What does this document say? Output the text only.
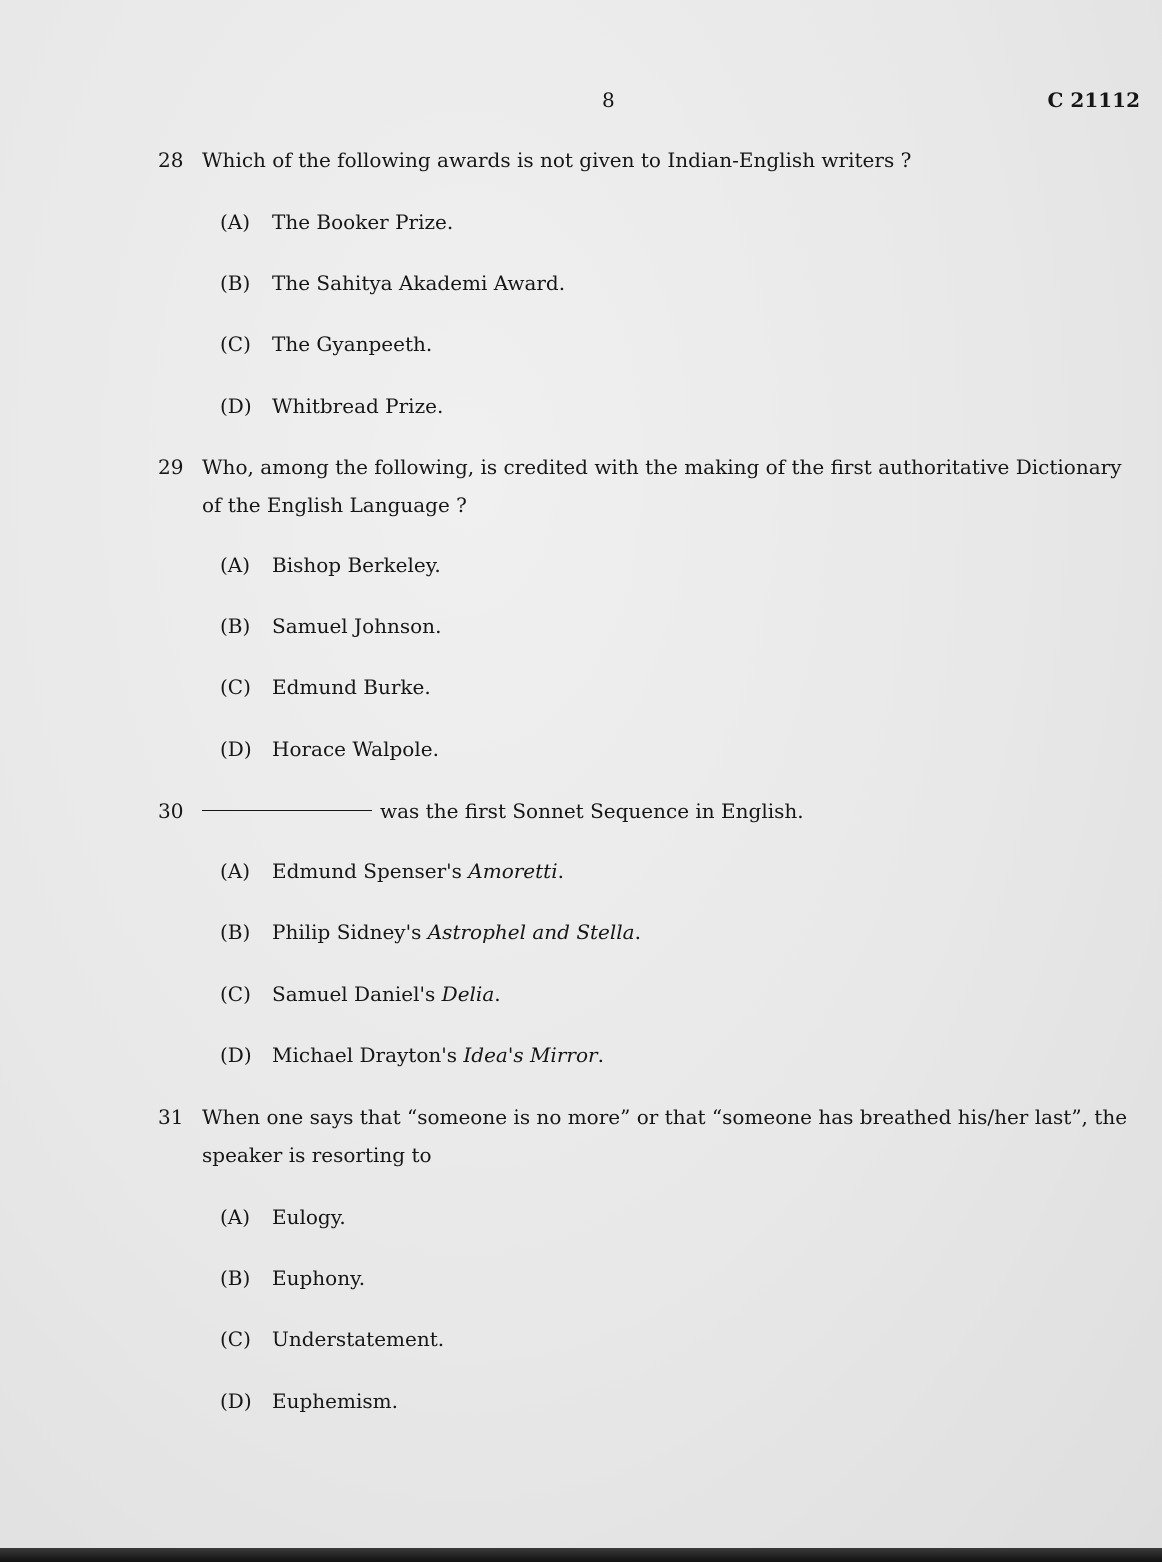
8	C 21112
28 Which of the following awards is not given to Indian-English writers ?
(A) The Booker Prize.
(B) The Sahitya Akademi Award.
(C) The Gyanpeeth.
(D) Whitbread Prize.
29 Who, among the following, is credited with the making of the first authoritative Dictionary of the English Language ?
(A) Bishop Berkeley.
(B) Samuel Johnson.
(C) Edmund Burke.
(D) Horace Walpole.
30	was the first Sonnet Sequence in English.
(A) Edmund Spenser's Amoretti.
(B) Philip Sidney's Astrophel and Stella.
(C) Samuel Daniel's Delia.
(D) Michael Drayton's Idea's Mirror.
31 When one says that “someone is no more” or that “someone has breathed his/her last”, the speaker is resorting to
(A) Eulogy.
(B) Euphony.
(C) Understatement.
(D) Euphemism.
